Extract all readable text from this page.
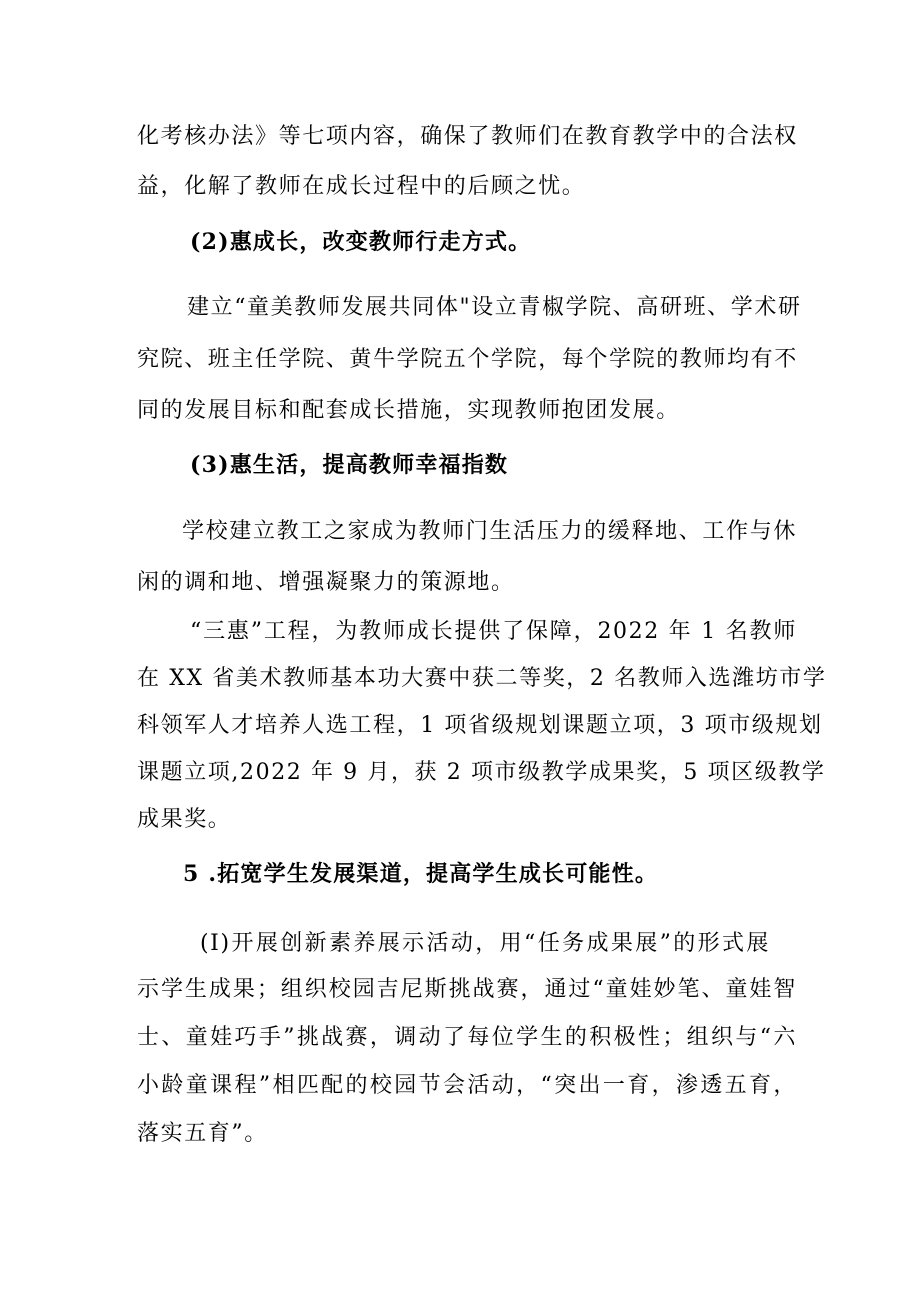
化考核办法》等七项内容，确保了教师们在教育教学中的合法权
益，化解了教师在成长过程中的后顾之忧。
(2)惠成长，改变教师行走方式。
建立“童美教师发展共同体"设立青椒学院、高研班、学术研
究院、班主任学院、黄牛学院五个学院，每个学院的教师均有不
同的发展目标和配套成长措施，实现教师抱团发展。
(3)惠生活，提高教师幸福指数
学校建立教工之家成为教师门生活压力的缓释地、工作与休
闲的调和地、增强凝聚力的策源地。
“三惠”工程，为教师成长提供了保障，2022 年 1 名教师
在 XX 省美术教师基本功大赛中获二等奖，2 名教师入选潍坊市学
科领军人才培养人选工程，1 项省级规划课题立项，3 项市级规划
课题立项,2022 年 9 月，获 2 项市级教学成果奖，5 项区级教学
成果奖。
5 .拓宽学生发展渠道，提高学生成长可能性。
(I)开展创新素养展示活动，用“任务成果展”的形式展
示学生成果；组织校园吉尼斯挑战赛，通过“童娃妙笔、童娃智
士、童娃巧手”挑战赛，调动了每位学生的积极性；组织与“六
小龄童课程”相匹配的校园节会活动，“突出一育，渗透五育，
落实五育”。
